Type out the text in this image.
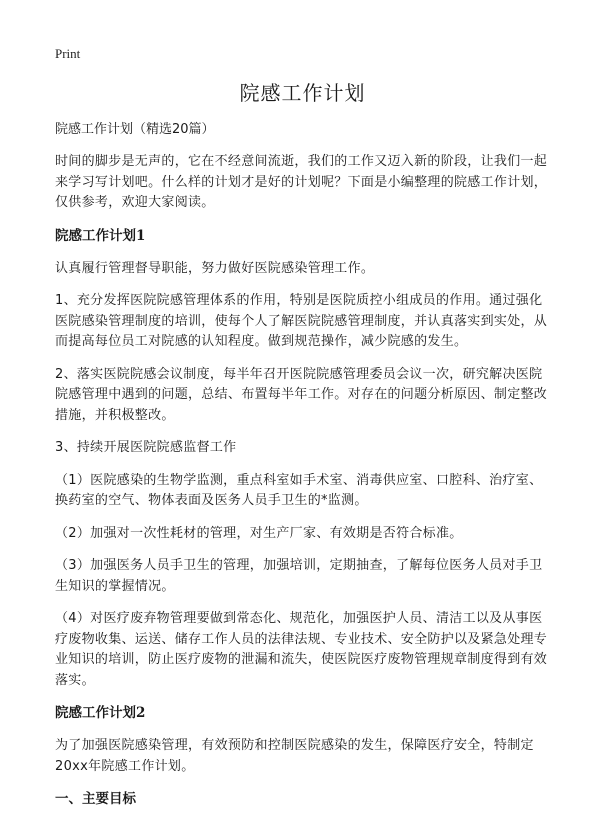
Print
院感工作计划

院感工作计划（精选20篇）

时间的脚步是无声的，它在不经意间流逝，我们的工作又迈入新的阶段，让我们一起来学习写计划吧。什么样的计划才是好的计划呢？下面是小编整理的院感工作计划，仅供参考，欢迎大家阅读。

院感工作计划1

认真履行管理督导职能，努力做好医院感染管理工作。

1、充分发挥医院院感管理体系的作用，特别是医院质控小组成员的作用。通过强化医院感染管理制度的培训，使每个人了解医院院感管理制度，并认真落实到实处，从而提高每位员工对院感的认知程度。做到规范操作，减少院感的发生。

2、落实医院院感会议制度，每半年召开医院院感管理委员会议一次，研究解决医院院感管理中遇到的问题，总结、布置每半年工作。对存在的问题分析原因、制定整改措施，并积极整改。

3、持续开展医院院感监督工作

（1）医院感染的生物学监测，重点科室如手术室、消毒供应室、口腔科、治疗室、换药室的空气、物体表面及医务人员手卫生的*监测。

（2）加强对一次性耗材的管理，对生产厂家、有效期是否符合标准。

（3）加强医务人员手卫生的管理，加强培训，定期抽查，了解每位医务人员对手卫生知识的掌握情况。

（4）对医疗废弃物管理要做到常态化、规范化，加强医护人员、清洁工以及从事医疗废物收集、运送、储存工作人员的法律法规、专业技术、安全防护以及紧急处理专业知识的培训，防止医疗废物的泄漏和流失，使医院医疗废物管理规章制度得到有效落实。

院感工作计划2

为了加强医院感染管理，有效预防和控制医院感染的发生，保障医疗安全，特制定20xx年院感工作计划。

一、主要目标
